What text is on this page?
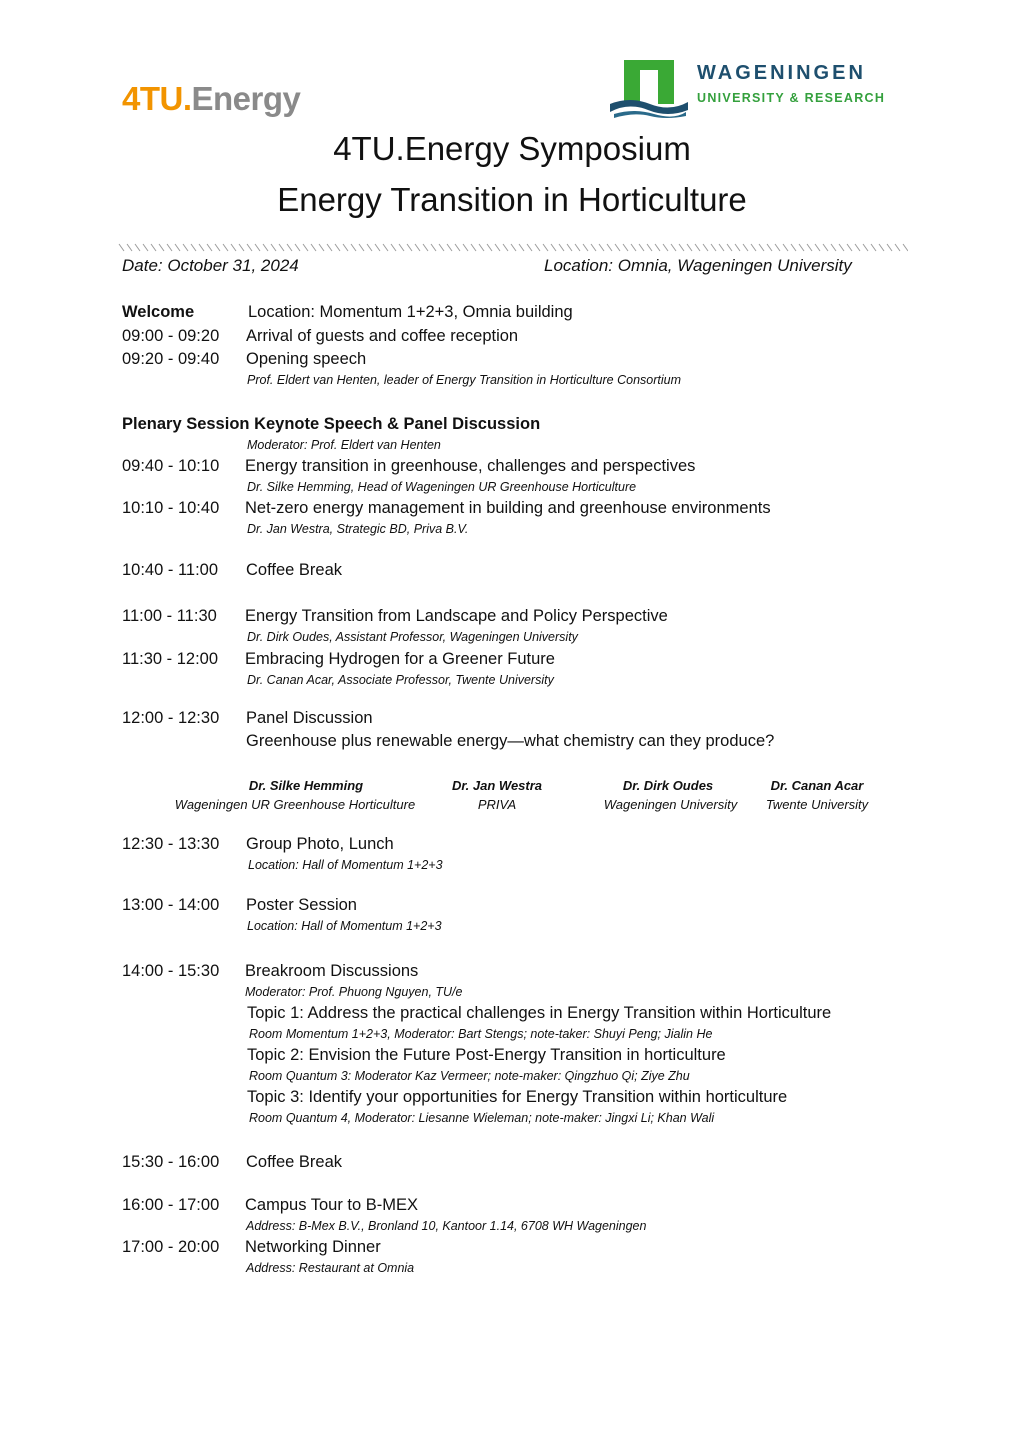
4TU.Energy
WAGENINGEN
UNIVERSITY & RESEARCH
4TU.Energy Symposium
Energy Transition in Horticulture
Date: October 31, 2024	Location: Omnia, Wageningen University
Welcome	Location: Momentum 1+2+3, Omnia building
09:00 - 09:20 Arrival of guests and coffee reception
09:20 - 09:40 Opening speech
Prof. Eldert van Henten, leader of Energy Transition in Horticulture Consortium
Plenary Session Keynote Speech & Panel Discussion
Moderator: Prof. Eldert van Henten
09:40 - 10:10 Energy transition in greenhouse, challenges and perspectives
Dr. Silke Hemming, Head of Wageningen UR Greenhouse Horticulture
10:10 - 10:40 Net-zero energy management in building and greenhouse environments
Dr. Jan Westra, Strategic BD, Priva B.V.
10:40 - 11:00 Coffee Break
11:00 - 11:30 Energy Transition from Landscape and Policy Perspective
Dr. Dirk Oudes, Assistant Professor, Wageningen University
11:30 - 12:00 Embracing Hydrogen for a Greener Future
Dr. Canan Acar, Associate Professor, Twente University
12:00 - 12:30 Panel Discussion
Greenhouse plus renewable energy—what chemistry can they produce?
Dr. Silke Hemming
Wageningen UR Greenhouse Horticulture
Dr. Jan Westra
PRIVA
Dr. Dirk Oudes
Wageningen University
Dr. Canan Acar
Twente University
12:30 - 13:30 Group Photo, Lunch
Location: Hall of Momentum 1+2+3
13:00 - 14:00 Poster Session
Location: Hall of Momentum 1+2+3
14:00 - 15:30 Breakroom Discussions
Moderator: Prof. Phuong Nguyen, TU/e
Topic 1: Address the practical challenges in Energy Transition within Horticulture
Room Momentum 1+2+3, Moderator: Bart Stengs; note-taker: Shuyi Peng; Jialin He
Topic 2: Envision the Future Post-Energy Transition in horticulture
Room Quantum 3: Moderator Kaz Vermeer; note-maker: Qingzhuo Qi; Ziye Zhu
Topic 3: Identify your opportunities for Energy Transition within horticulture
Room Quantum 4, Moderator: Liesanne Wieleman; note-maker: Jingxi Li; Khan Wali
15:30 - 16:00 Coffee Break
16:00 - 17:00 Campus Tour to B-MEX
Address: B-Mex B.V., Bronland 10, Kantoor 1.14, 6708 WH Wageningen
17:00 - 20:00 Networking Dinner
Address: Restaurant at Omnia
